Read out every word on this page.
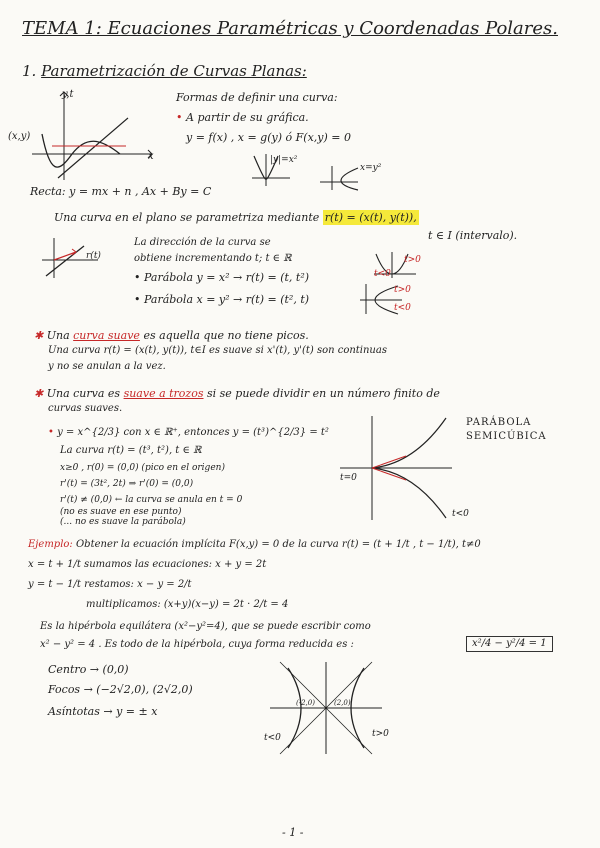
TEMA 1: Ecuaciones Paramétricas y Coordenadas Polares.
1. Parametrización de Curvas Planas:
y,t
x
(x,y)
Formas de definir una curva:
• A partir de su gráfica.
y = f(x) , x = g(y) ó F(x,y) = 0
|y|=x²
x=y²
Recta: y = mx + n , Ax + By = C
Una curva en el plano se parametriza mediante r(t) = (x(t), y(t)),
t ∈ I (intervalo).
r(t)
La dirección de la curva se
obtiene incrementando t; t ∈ ℝ
• Parábola y = x² → r(t) = (t, t²)
• Parábola x = y² → r(t) = (t², t)
t>0
t<0
t>0
t<0
✱ Una curva suave es aquella que no tiene picos.
Una curva r(t) = (x(t), y(t)), t∈I es suave si x'(t), y'(t) son continuas
y no se anulan a la vez.
✱ Una curva es suave a trozos si se puede dividir en un número finito de
curvas suaves.
• y = x^{2/3} con x ∈ ℝ⁺, entonces y = (t³)^{2/3} = t²
La curva r(t) = (t³, t²), t ∈ ℝ
x≥0 , r(0) = (0,0) (pico en el origen)
r'(t) = (3t², 2t) ⇒ r'(0) = (0,0)
r'(t) ≠ (0,0) ← la curva se anula en t = 0
(no es suave en ese punto)
(... no es suave la parábola)
t=0
t<0
PARÁBOLA SEMICÚBICA
Ejemplo: Obtener la ecuación implícita F(x,y) = 0 de la curva r(t) = (t + 1/t , t − 1/t), t≠0
x = t + 1/t sumamos las ecuaciones: x + y = 2t
y = t − 1/t restamos: x − y = 2/t
multiplicamos: (x+y)(x−y) = 2t · 2/t = 4
Es la hipérbola equilátera (x²−y²=4), que se puede escribir como
x² − y² = 4 . Es todo de la hipérbola, cuya forma reducida es :	x²/4 − y²/4 = 1
Centro → (0,0)
Focos → (−2√2,0), (2√2,0)
Asíntotas → y = ± x
t<0	t>0
(-2,0)	(2,0)
- 1 -
